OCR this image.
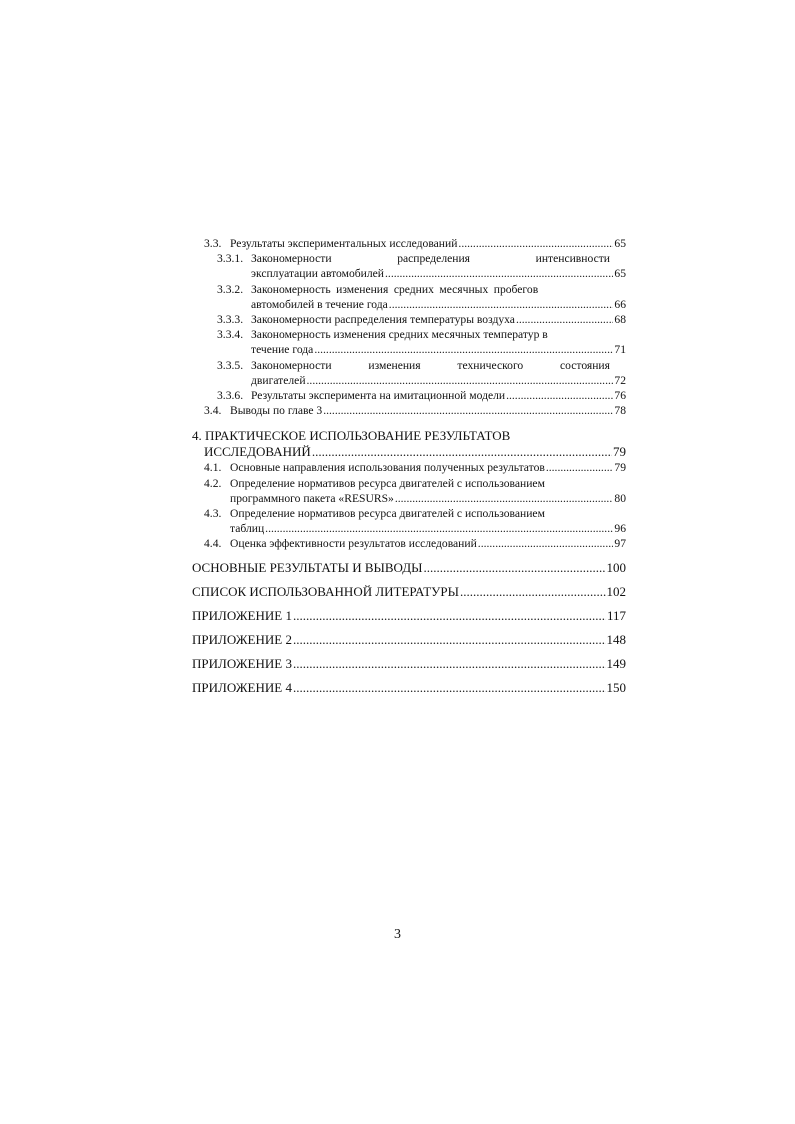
3.3. Результаты экспериментальных исследований .....	65
3.3.1. Закономерности	распределения	интенсивности
эксплуатации автомобилей .....	65
3.3.2. Закономерность изменения средних месячных пробегов
автомобилей в течение года .....	66
3.3.3. Закономерности распределения температуры воздуха .....	68
3.3.4. Закономерность изменения средних месячных температур в
течение года .....	71
3.3.5. Закономерности	изменения	технического	состояния
двигателей .....	72
3.3.6. Результаты эксперимента на имитационной модели .....	76
3.4. Выводы по главе 3 .....	78
4. ПРАКТИЧЕСКОЕ ИСПОЛЬЗОВАНИЕ РЕЗУЛЬТАТОВ
ИССЛЕДОВАНИЙ .....	79
4.1. Основные направления использования полученных результатов .....	79
4.2. Определение нормативов ресурса двигателей с использованием
программного пакета «RESURS» .....	80
4.3. Определение нормативов ресурса двигателей с использованием
таблиц .....	96
4.4. Оценка эффективности результатов исследований .....	97
ОСНОВНЫЕ РЕЗУЛЬТАТЫ И ВЫВОДЫ .....	100
СПИСОК ИСПОЛЬЗОВАННОЙ ЛИТЕРАТУРЫ .....	102
ПРИЛОЖЕНИЕ 1 .....	117
ПРИЛОЖЕНИЕ 2 .....	148
ПРИЛОЖЕНИЕ 3 .....	149
ПРИЛОЖЕНИЕ 4 .....	150
3
